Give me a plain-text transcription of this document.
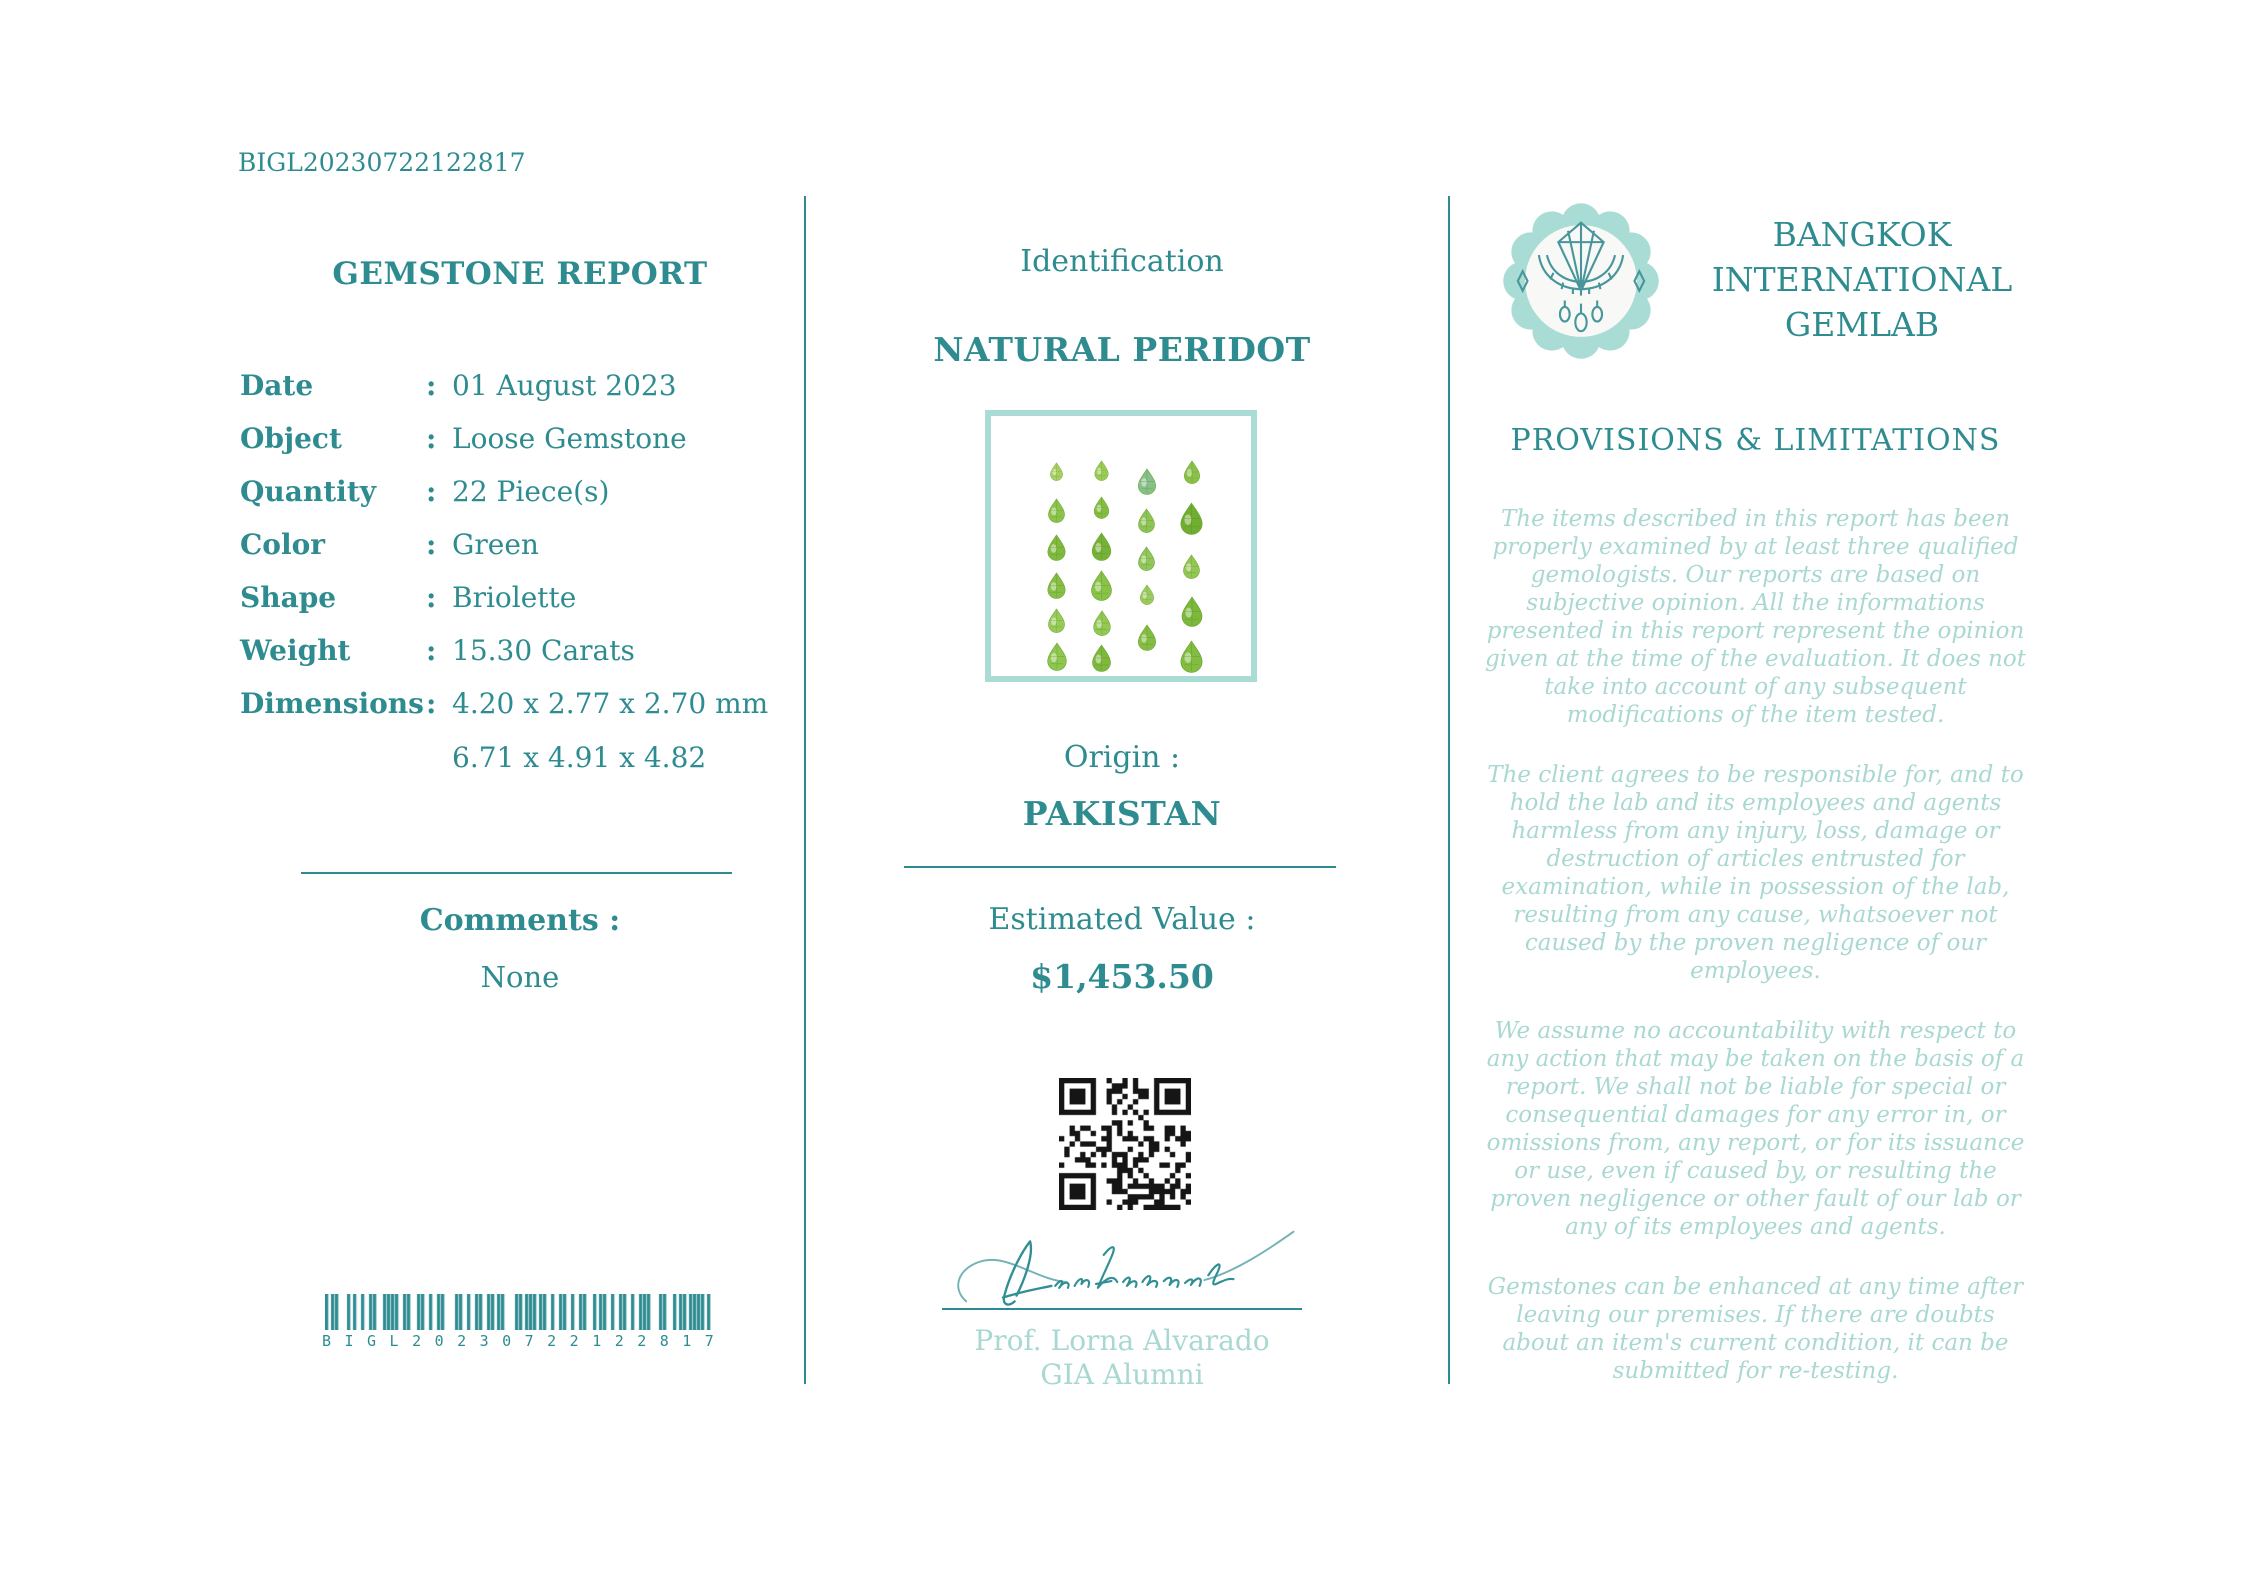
BIGL20230722122817
GEMSTONE REPORT
Date	: 01 August 2023
Object	: Loose Gemstone
Quantity	: 22 Piece(s)
Color	: Green
Shape	: Briolette
Weight	: 15.30 Carats
Dimensions : 4.20 x 2.77 x 2.70 mm
6.71 x 4.91 x 4.82
Comments :
None
B I G L 2 0 2 3 0 7 2 2 1 2 2 8 1 7
Identification
NATURAL PERIDOT
Origin :
PAKISTAN
Estimated Value :
$1,453.50
Prof. Lorna Alvarado
GIA Alumni
BANGKOK
INTERNATIONAL
GEMLAB
PROVISIONS & LIMITATIONS

The items described in this report has been properly examined by at least three qualified gemologists. Our reports are based on subjective opinion. All the informations presented in this report represent the opinion given at the time of the evaluation. It does not take into account of any subsequent modifications of the item tested.

The client agrees to be responsible for, and to hold the lab and its employees and agents harmless from any injury, loss, damage or destruction of articles entrusted for examination, while in possession of the lab, resulting from any cause, whatsoever not caused by the proven negligence of our employees.

We assume no accountability with respect to any action that may be taken on the basis of a report. We shall not be liable for special or consequential damages for any error in, or omissions from, any report, or for its issuance or use, even if caused by, or resulting the proven negligence or other fault of our lab or any of its employees and agents.

Gemstones can be enhanced at any time after leaving our premises. If there are doubts about an item's current condition, it can be submitted for re-testing.
